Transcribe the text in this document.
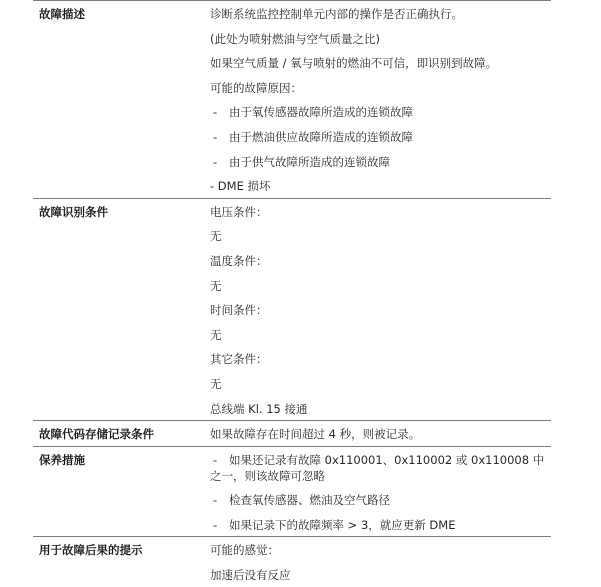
故障描述	诊断系统监控控制单元内部的操作是否正确执行。

(此处为喷射燃油与空气质量之比)

如果空气质量 / 氧与喷射的燃油不可信，即识别到故障。

可能的故障原因：

- 由于氧传感器故障所造成的连锁故障

- 由于燃油供应故障所造成的连锁故障

- 由于供气故障所造成的连锁故障

- DME 损坏

故障识别条件	电压条件：

无

温度条件：

无

时间条件：

无

其它条件：

无

总线端 Kl. 15 接通

故障代码存储记录条件	如果故障存在时间超过 4 秒，则被记录。

保养措施	- 如果还记录有故障 0x110001、0x110002 或 0x110008 中之一，则该故障可忽略

- 检查氧传感器、燃油及空气路径

- 如果记录下的故障频率 > 3，就应更新 DME

用于故障后果的提示	可能的感觉：

加速后没有反应
